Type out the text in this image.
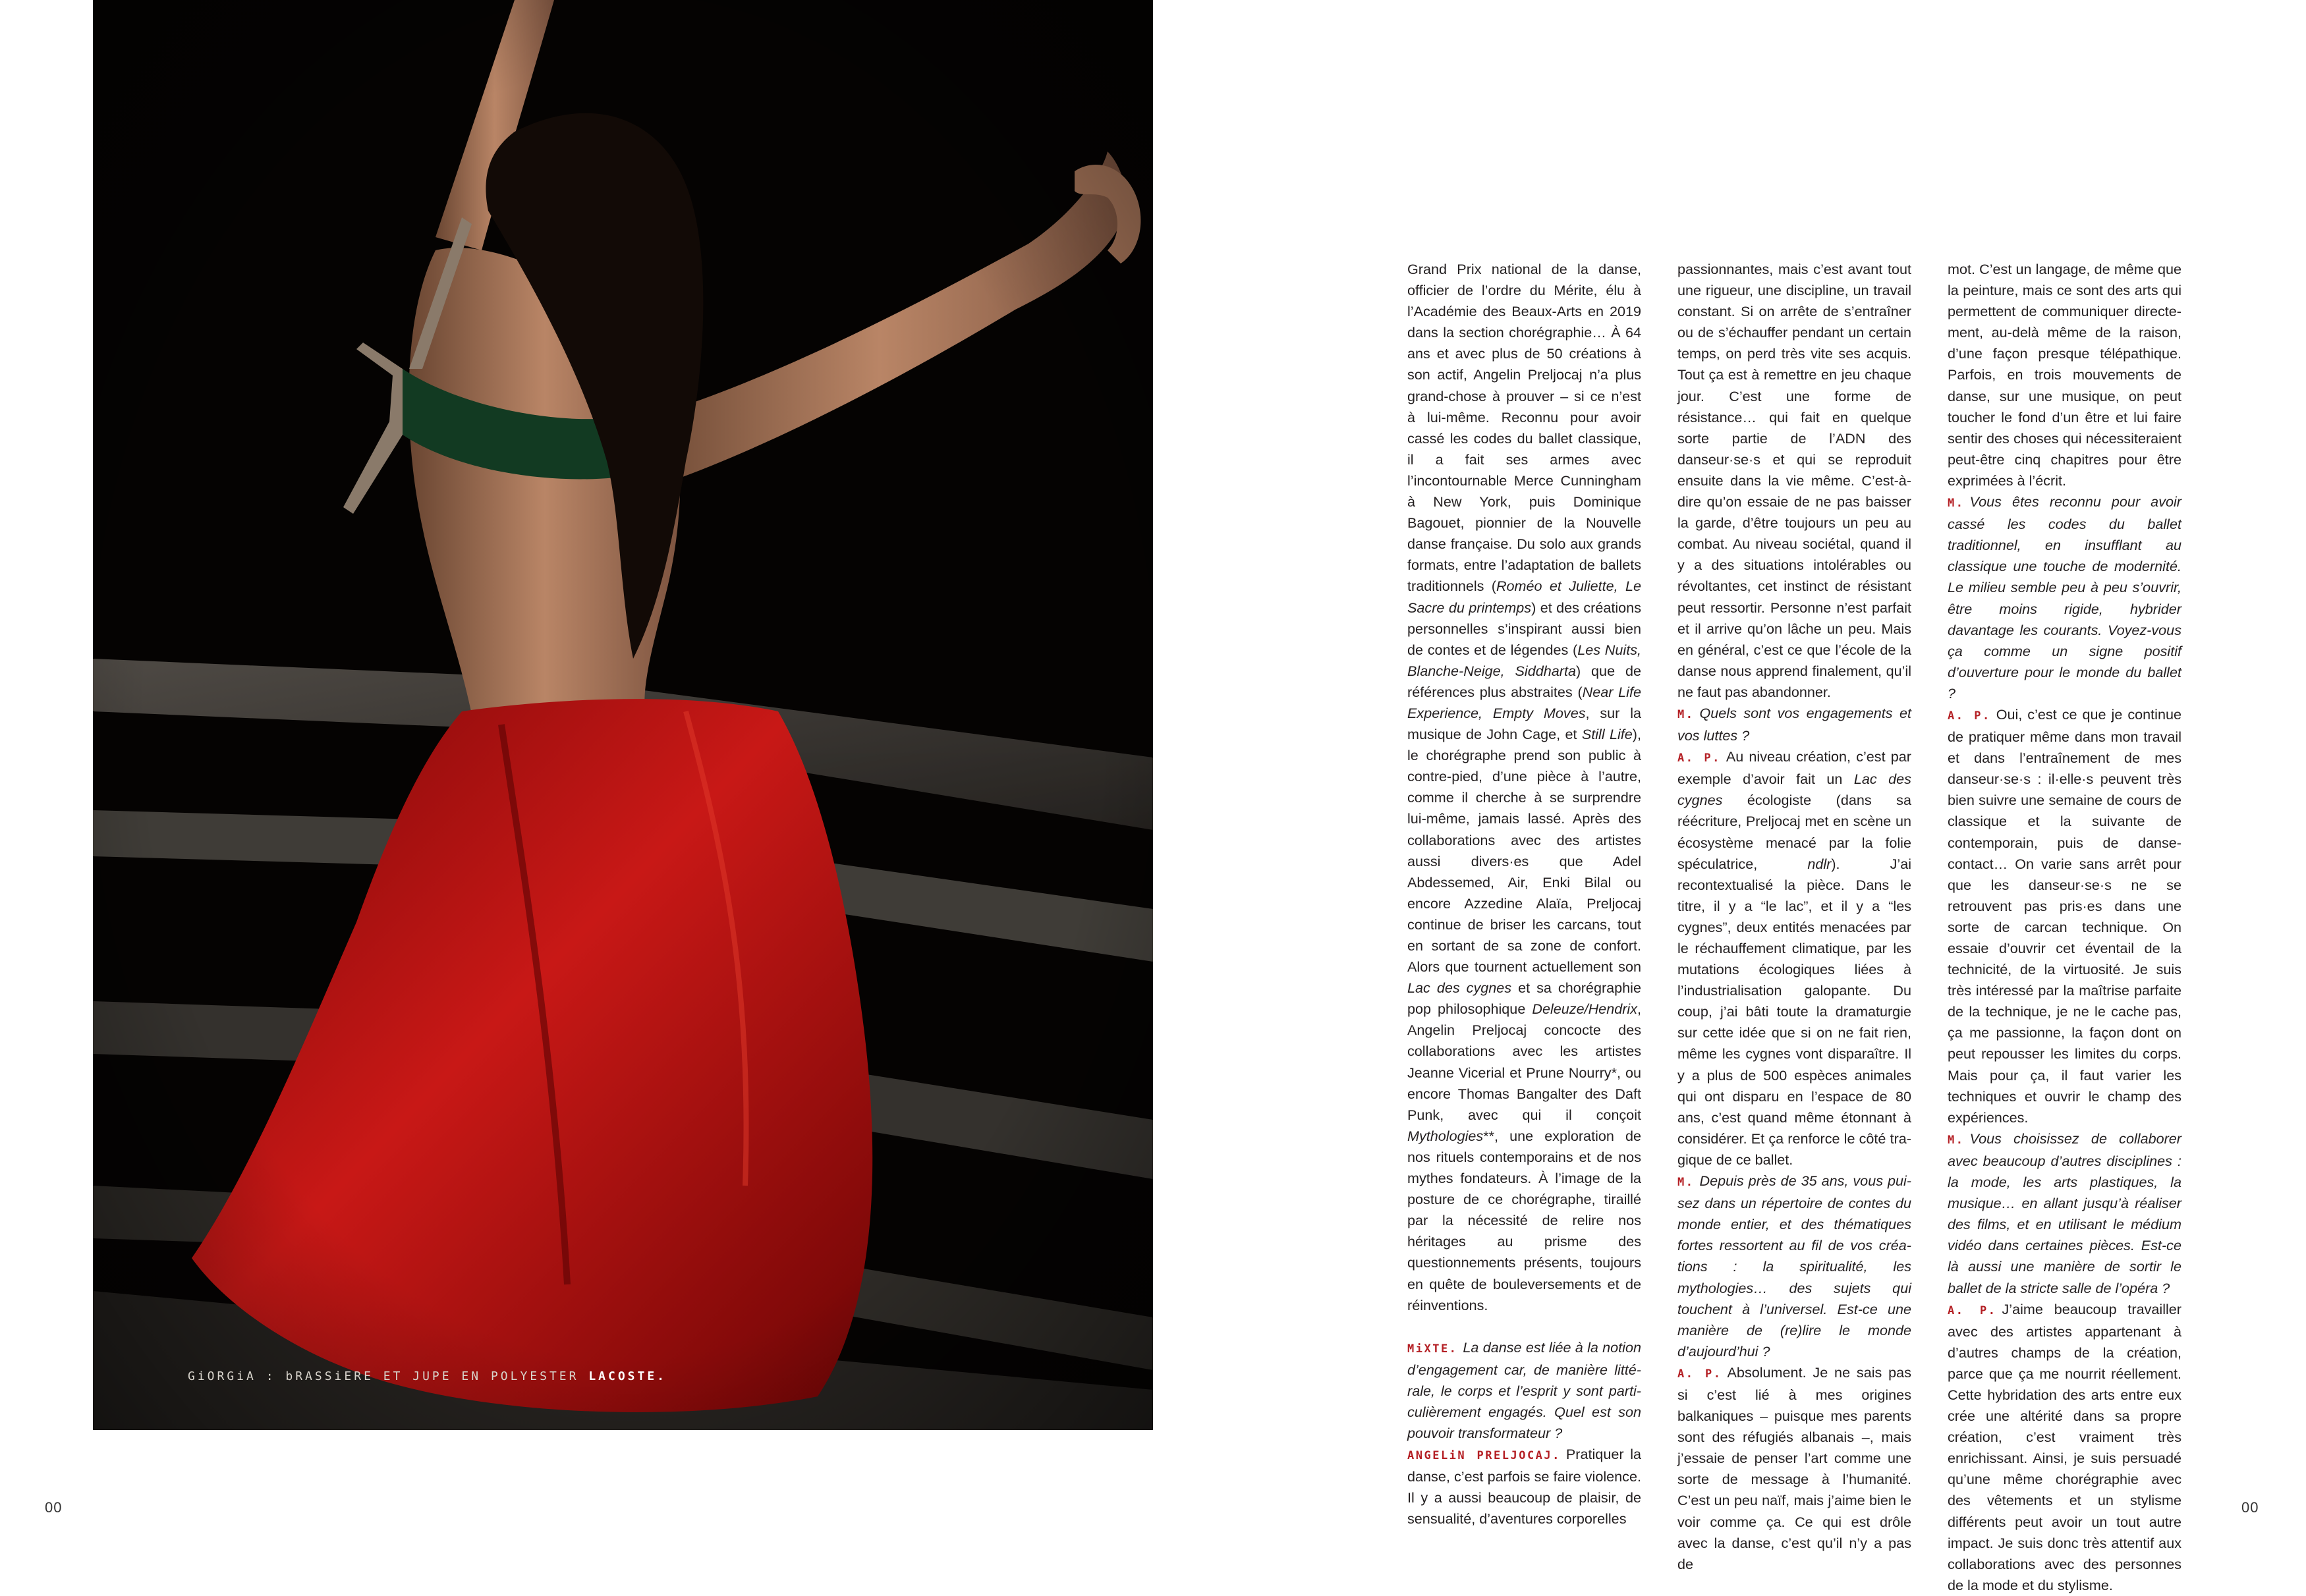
GiORGiA : bRASSiERE ET JUPE EN POLYESTER LACOSTE.
00	00

Grand Prix national de la danse, officier de l’ordre du Mérite, élu à l’Académie des Beaux-Arts en 2019 dans la section chorégraphie… À 64 ans et avec plus de 50 créations à son actif, Angelin Preljocaj n’a plus grand-chose à prouver – si ce n’est à lui-même. Reconnu pour avoir cassé les codes du ballet classique, il a fait ses armes avec l’incontournable Merce Cunningham à New York, puis Dominique Bagouet, pionnier de la Nouvelle danse française. Du solo aux grands formats, entre l’adaptation de ballets traditionnels (Roméo et Juliette, Le Sacre du printemps) et des créations personnelles s’inspirant aussi bien de contes et de légendes (Les Nuits, Blanche-Neige, Siddharta) que de références plus abstraites (Near Life Experience, Empty Moves, sur la musique de John Cage, et Still Life), le chorégraphe prend son public à contre-pied, d’une pièce à l’autre, comme il cherche à se surprendre lui-même, jamais lassé. Après des collaborations avec des artistes aussi divers·es que Adel Abdessemed, Air, Enki Bilal ou encore Azzedine Alaïa, Preljocaj continue de briser les carcans, tout en sortant de sa zone de confort. Alors que tournent actuellement son Lac des cygnes et sa chorégraphie pop philosophique Deleuze/Hendrix, Angelin Preljocaj concocte des collaborations avec les artistes Jeanne Vicerial et Prune Nourry*, ou encore Thomas Bangalter des Daft Punk, avec qui il conçoit Mythologies**, une exploration de nos rituels contemporains et de nos mythes fondateurs. À l’image de la posture de ce chorégraphe, tiraillé par la nécessité de relire nos héritages au prisme des questionnements présents, toujours en quête de bouleversements et de réinventions.

MiXTE. La danse est liée à la notion d’engagement car, de manière littérale, le corps et l’esprit y sont particulièrement engagés. Quel est son pouvoir transformateur ?

ANGELiN PRELJOCAJ. Pratiquer la danse, c’est parfois se faire violence. Il y a aussi beaucoup de plaisir, de sensualité, d’aventures corporelles

passionnantes, mais c’est avant tout une rigueur, une discipline, un travail constant. Si on arrête de s’entraîner ou de s’échauffer pendant un certain temps, on perd très vite ses acquis. Tout ça est à remettre en jeu chaque jour. C’est une forme de résistance… qui fait en quelque sorte partie de l’ADN des danseur·se·s et qui se reproduit ensuite dans la vie même. C’est-à-dire qu’on essaie de ne pas baisser la garde, d’être toujours un peu au combat. Au niveau sociétal, quand il y a des situations intolérables ou révoltantes, cet instinct de résistant peut ressortir. Personne n’est parfait et il arrive qu’on lâche un peu. Mais en général, c’est ce que l’école de la danse nous apprend finalement, qu’il ne faut pas abandonner.

M. Quels sont vos engagements et vos luttes ?

A. P. Au niveau création, c’est par exemple d’avoir fait un Lac des cygnes écologiste (dans sa réécriture, Preljocaj met en scène un écosystème menacé par la folie spéculatrice, ndlr). J’ai recontextualisé la pièce. Dans le titre, il y a “le lac”, et il y a “les cygnes”, deux entités menacées par le réchauffement climatique, par les mutations écologiques liées à l’industrialisation galopante. Du coup, j’ai bâti toute la dramaturgie sur cette idée que si on ne fait rien, même les cygnes vont disparaître. Il y a plus de 500 espèces animales qui ont disparu en l’espace de 80 ans, c’est quand même étonnant à considérer. Et ça renforce le côté tragique de ce ballet.

M. Depuis près de 35 ans, vous puisez dans un répertoire de contes du monde entier, et des thématiques fortes ressortent au fil de vos créations : la spiritualité, les mythologies… des sujets qui touchent à l’universel. Est-ce une manière de (re)lire le monde d’aujourd’hui ?

A. P. Absolument. Je ne sais pas si c’est lié à mes origines balkaniques – puisque mes parents sont des réfugiés albanais –, mais j’essaie de penser l’art comme une sorte de message à l’humanité. C’est un peu naïf, mais j’aime bien le voir comme ça. Ce qui est drôle avec la danse, c’est qu’il n’y a pas de

mot. C’est un langage, de même que la peinture, mais ce sont des arts qui permettent de communiquer directement, au-delà même de la raison, d’une façon presque télépathique. Parfois, en trois mouvements de danse, sur une musique, on peut toucher le fond d’un être et lui faire sentir des choses qui nécessiteraient peut-être cinq chapitres pour être exprimées à l’écrit.

M. Vous êtes reconnu pour avoir cassé les codes du ballet traditionnel, en insufflant au classique une touche de modernité. Le milieu semble peu à peu s’ouvrir, être moins rigide, hybrider davantage les courants. Voyez-vous ça comme un signe positif d’ouverture pour le monde du ballet ?

A. P. Oui, c’est ce que je continue de pratiquer même dans mon travail et dans l’entraînement de mes danseur·se·s : il·elle·s peuvent très bien suivre une semaine de cours de classique et la suivante de contemporain, puis de danse-contact… On varie sans arrêt pour que les danseur·se·s ne se retrouvent pas pris·es dans une sorte de carcan technique. On essaie d’ouvrir cet éventail de la technicité, de la virtuosité. Je suis très intéressé par la maîtrise parfaite de la technique, je ne le cache pas, ça me passionne, la façon dont on peut repousser les limites du corps. Mais pour ça, il faut varier les techniques et ouvrir le champ des expériences.

M. Vous choisissez de collaborer avec beaucoup d’autres disciplines : la mode, les arts plastiques, la musique… en allant jusqu’à réaliser des films, et en utilisant le médium vidéo dans certaines pièces. Est-ce là aussi une manière de sortir le ballet de la stricte salle de l’opéra ?

A. P. J’aime beaucoup travailler avec des artistes appartenant à d’autres champs de la création, parce que ça me nourrit réellement. Cette hybridation des arts entre eux crée une altérité dans sa propre création, c’est vraiment très enrichissant. Ainsi, je suis persuadé qu’une même chorégraphie avec des vêtements et un stylisme différents peut avoir un tout autre impact. Je suis donc très attentif aux collaborations avec des personnes de la mode et du stylisme.
